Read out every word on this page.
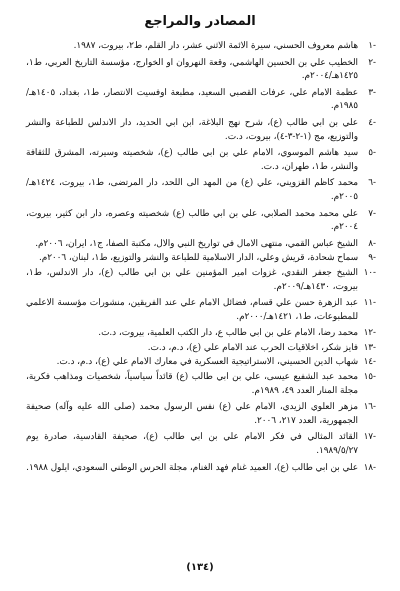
المصادر والمراجع
-١
هاشم معروف الحسني، سيرة الائمة الاثني عشر، دار القلم، ط٢، بيروت، ١٩٨٧.
-٢
الخطيب علي بن الحسين الهاشمي، وقعة النهروان او الخوارج، مؤسسة التاريخ العربي، ط١، ١٤٢٥هـ/٢٠٠٤م.
-٣
عظمة الامام علي، عرفات القصبي السعيد، مطبعة اوفسيت الانتصار، ط١، بغداد، ١٤٠٥هـ/١٩٨٥م.
-٤
علي بن ابي طالب (ع)، شرح نهج البلاغة، ابن ابي الحديد، دار الاندلس للطباعة والنشر والتوزيع، مج (١-٢-٣-٤)، بيروت، د.ت.
-٥
سيد هاشم الموسوي، الامام علي بن ابي طالب (ع)، شخصيته وسيرته، المشرق للثقافة والنشر، ط١، طهران، د.ت.
-٦
محمد كاظم القزويني، علي (ع) من المهد الى اللحد، دار المرتضى، ط١، بيروت، ١٤٢٤هـ/٢٠٠٥م.
-٧
علي محمد محمد الصلابي، علي بن ابي طالب (ع) شخصيته وعصره، دار ابن كثير، بيروت، ٢٠٠٤م.
-٨
الشيخ عباس القمي، منتهى الامال في تواريخ النبي والال، مكتبة الصفا، ج١، ايران، ٢٠٠٦م.
-٩
سماح شحادة، قريش وعلي، الدار الاسلامية للطباعة والنشر والتوزيع، ط١، لبنان، ٢٠٠٦م.
-١٠
الشيخ جعفر النقدي، غزوات امير المؤمنين علي بن ابي طالب (ع)، دار الاندلس، ط١، بيروت، ١٤٣٠هـ/٢٠٠٩م.
-١١
عبد الزهرة حسن علي قسام، فضائل الامام علي عند الفريقين، منشورات مؤسسة الاعلمي للمطبوعات، ط١، ١٤٢١هـ/٢٠٠٠م.
-١٢
محمد رضا، الامام علي بن ابي طالب ع، دار الكتب العلمية، بيروت، د.ت.
-١٣
فايز شكر، اخلاقيات الحرب عند الامام علي (ع)، د.م، د.ت.
-١٤
شهاب الدين الحسيني، الاستراتيجية العسكرية في معارك الامام علي (ع)، د.م، د.ت.
-١٥
محمد عبد الشفيع عيسى، علي بن ابي طالب (ع) قائداً سياسياً، شخصيات ومذاهب فكرية، مجلة المنار العدد ٤٩، ١٩٨٩م.
-١٦
مزهر العلوي الزيدي، الامام علي (ع) نفس الرسول محمد (صلى الله عليه وآله) صحيفة الجمهورية، العدد ٢١٧، ٢٠٠٦.
-١٧
القائد المثالي في فكر الامام علي بن ابي طالب (ع)، صحيفة القادسية، صادرة يوم ١٩٨٩/٥/٢٧.
-١٨
علي بن ابي طالب (ع)، العميد غنام فهد الغنام، مجلة الحرس الوطني السعودي، ايلول ١٩٨٨.
(١٣٤)
